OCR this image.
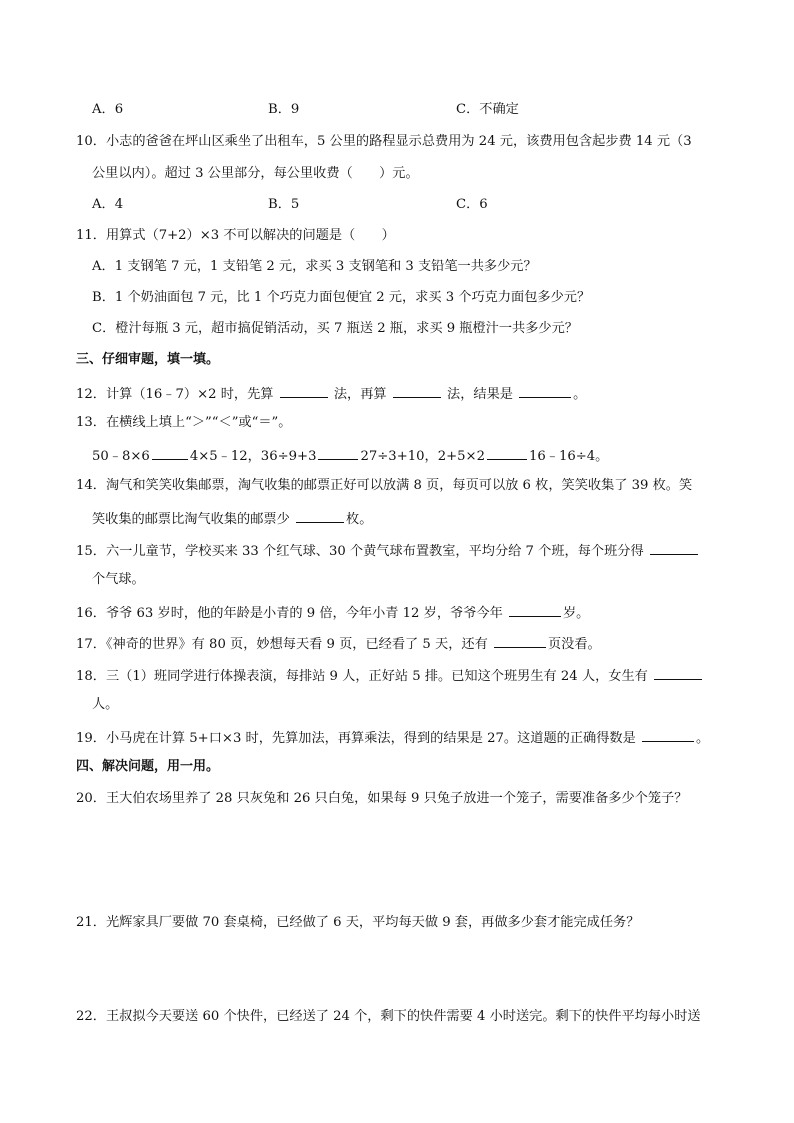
A．6	B．9	C．不确定
10．小志的爸爸在坪山区乘坐了出租车，5 公里的路程显示总费用为 24 元，该费用包含起步费 14 元（3
公里以内）。超过 3 公里部分，每公里收费（　　）元。
A．4	B．5	C．6
11．用算式（7+2）×3 不可以解决的问题是（　　）
A．1 支钢笔 7 元，1 支铅笔 2 元，求买 3 支钢笔和 3 支铅笔一共多少元？
B．1 个奶油面包 7 元，比 1 个巧克力面包便宜 2 元，求买 3 个巧克力面包多少元？
C．橙汁每瓶 3 元，超市搞促销活动，买 7 瓶送 2 瓶，求买 9 瓶橙汁一共多少元？
三、仔细审题，填一填。
12．计算（16﹣7）×2 时，先算	法，再算	法，结果是	。
13．在横线上填上“＞”“＜”或“＝”。
50﹣8×6	4×5﹣12，36÷9+3	27÷3+10，2+5×2	16﹣16÷4。
14．淘气和笑笑收集邮票，淘气收集的邮票正好可以放满 8 页，每页可以放 6 枚，笑笑收集了 39 枚。笑
笑收集的邮票比淘气收集的邮票少	枚。
15．六一儿童节，学校买来 33 个红气球、30 个黄气球布置教室，平均分给 7 个班，每个班分得
个气球。
16．爷爷 63 岁时，他的年龄是小青的 9 倍，今年小青 12 岁，爷爷今年	岁。
17．《神奇的世界》有 80 页，妙想每天看 9 页，已经看了 5 天，还有	页没看。
18．三（1）班同学进行体操表演，每排站 9 人，正好站 5 排。已知这个班男生有 24 人，女生有
人。
19．小马虎在计算 5+口×3 时，先算加法，再算乘法，得到的结果是 27。这道题的正确得数是	。
四、解决问题，用一用。
20．王大伯农场里养了 28 只灰兔和 26 只白兔，如果每 9 只兔子放进一个笼子，需要准备多少个笼子？
21．光辉家具厂要做 70 套桌椅，已经做了 6 天，平均每天做 9 套，再做多少套才能完成任务？
22．王叔拟今天要送 60 个快件，已经送了 24 个，剩下的快件需要 4 小时送完。剩下的快件平均每小时送
